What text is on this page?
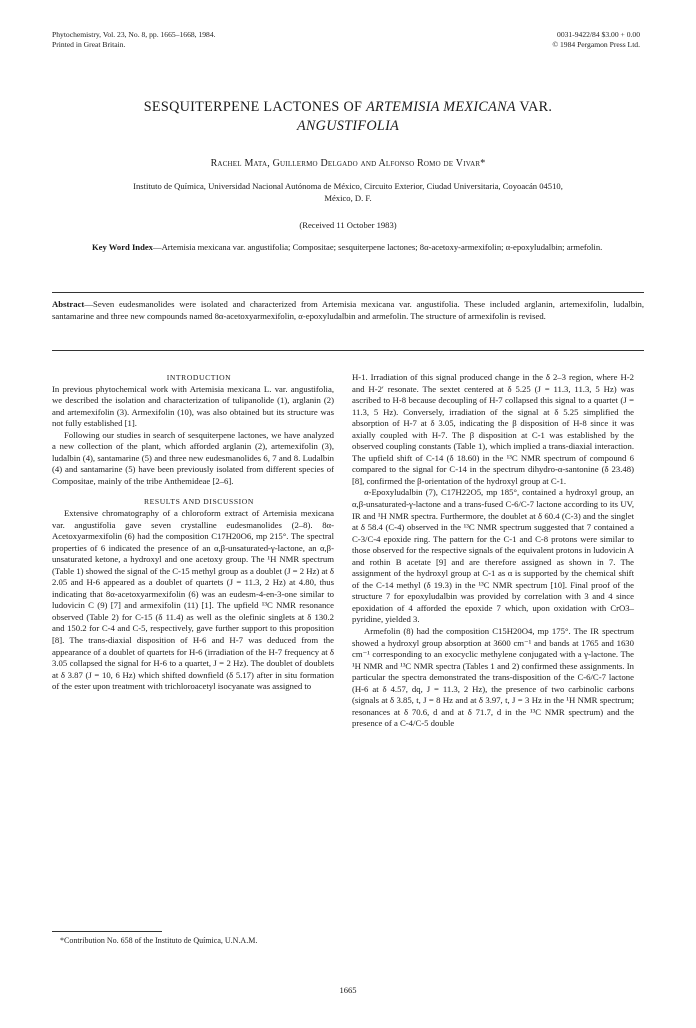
Phytochemistry, Vol. 23, No. 8, pp. 1665–1668, 1984.
Printed in Great Britain.
0031-9422/84 $3.00 + 0.00
© 1984 Pergamon Press Ltd.
SESQUITERPENE LACTONES OF ARTEMISIA MEXICANA VAR.
ANGUSTIFOLIA
Rachel Mata, Guillermo Delgado and Alfonso Romo de Vivar*
Instituto de Química, Universidad Nacional Autónoma de México, Circuito Exterior, Ciudad Universitaria, Coyoacán 04510,
México, D. F.
(Received 11 October 1983)
Key Word Index—Artemisia mexicana var. angustifolia; Compositae; sesquiterpene lactones; 8α-acetoxy-armexifolin; α-epoxyludalbin; armefolin.
Abstract—Seven eudesmanolides were isolated and characterized from Artemisia mexicana var. angustifolia. These included arglanin, artemexifolin, ludalbin, santamarine and three new compounds named 8α-acetoxyarmexifolin, α-epoxyludalbin and armefolin. The structure of armexifolin is revised.

INTRODUCTION

In previous phytochemical work with Artemisia mexicana L. var. angustifolia, we described the isolation and characterization of tulipanolide (1), arglanin (2) and artemexifolin (3). Armexifolin (10), was also obtained but its structure was not fully established [1].

Following our studies in search of sesquiterpene lactones, we have analyzed a new collection of the plant, which afforded arglanin (2), artemexifolin (3), ludalbin (4), santamarine (5) and three new eudesmanolides 6, 7 and 8. Ludalbin (4) and santamarine (5) have been previously isolated from different species of Compositae, mainly of the tribe Anthemideae [2–6].

RESULTS AND DISCUSSION

Extensive chromatography of a chloroform extract of Artemisia mexicana var. angustifolia gave seven crystalline eudesmanolides (2–8). 8α-Acetoxyarmexifolin (6) had the composition C17H20O6, mp 215°. The spectral properties of 6 indicated the presence of an α,β-unsaturated-γ-lactone, an α,β-unsaturated ketone, a hydroxyl and one acetoxy group. The ¹H NMR spectrum (Table 1) showed the signal of the C-15 methyl group as a doublet (J = 2 Hz) at δ 2.05 and H-6 appeared as a doublet of quartets (J = 11.3, 2 Hz) at 4.80, thus indicating that 8α-acetoxyarmexifolin (6) was an eudesm-4-en-3-one similar to ludovicin C (9) [7] and armexifolin (11) [1]. The upfield ¹³C NMR resonance observed (Table 2) for C-15 (δ 11.4) as well as the olefinic singlets at δ 130.2 and 150.2 for C-4 and C-5, respectively, gave further support to this proposition [8]. The trans-diaxial disposition of H-6 and H-7 was deduced from the appearance of a doublet of quartets for H-6 (irradiation of the H-7 frequency at δ 3.05 collapsed the signal for H-6 to a quartet, J = 2 Hz). The doublet of doublets at δ 3.87 (J = 10, 6 Hz) which shifted downfield (δ 5.17) after in situ formation of the ester upon treatment with trichloroacetyl isocyanate was assigned to

H-1. Irradiation of this signal produced change in the δ 2–3 region, where H-2 and H-2′ resonate. The sextet centered at δ 5.25 (J = 11.3, 11.3, 5 Hz) was ascribed to H-8 because decoupling of H-7 collapsed this signal to a quartet (J = 11.3, 5 Hz). Conversely, irradiation of the signal at δ 5.25 simplified the absorption of H-7 at δ 3.05, indicating the β disposition of H-8 since it was axially coupled with H-7. The β disposition at C-1 was established by the observed coupling constants (Table 1), which implied a trans-diaxial interaction. The upfield shift of C-14 (δ 18.60) in the ¹³C NMR spectrum of compound 6 compared to the signal for C-14 in the spectrum dihydro-α-santonine (δ 23.48) [8], confirmed the β-orientation of the hydroxyl group at C-1.

α-Epoxyludalbin (7), C17H22O5, mp 185°, contained a hydroxyl group, an α,β-unsaturated-γ-lactone and a trans-fused C-6/C-7 lactone according to its UV, IR and ¹H NMR spectra. Furthermore, the doublet at δ 60.4 (C-3) and the singlet at δ 58.4 (C-4) observed in the ¹³C NMR spectrum suggested that 7 contained a C-3/C-4 epoxide ring. The pattern for the C-1 and C-8 protons were similar to those observed for the respective signals of the equivalent protons in ludovicin A and rothin B acetate [9] and are therefore assigned as shown in 7. The assignment of the hydroxyl group at C-1 as α is supported by the chemical shift of the C-14 methyl (δ 19.3) in the ¹³C NMR spectrum [10]. Final proof of the structure 7 for epoxyludalbin was provided by correlation with 3 and 4 since epoxidation of 4 afforded the epoxide 7 which, upon oxidation with CrO3–pyridine, yielded 3.

Armefolin (8) had the composition C15H20O4, mp 175°. The IR spectrum showed a hydroxyl group absorption at 3600 cm⁻¹ and bands at 1765 and 1630 cm⁻¹ corresponding to an exocyclic methylene conjugated with a γ-lactone. The ¹H NMR and ¹³C NMR spectra (Tables 1 and 2) confirmed these assignments. In particular the spectra demonstrated the trans-disposition of the C-6/C-7 lactone (H-6 at δ 4.57, dq, J = 11.3, 2 Hz), the presence of two carbinolic carbons (signals at δ 3.85, t, J = 8 Hz and at δ 3.97, t, J = 3 Hz in the ¹H NMR spectrum; resonances at δ 70.6, d and at δ 71.7, d in the ¹³C NMR spectrum) and the presence of a C-4/C-5 double

*Contribution No. 658 of the Instituto de Química, U.N.A.M.
1665
